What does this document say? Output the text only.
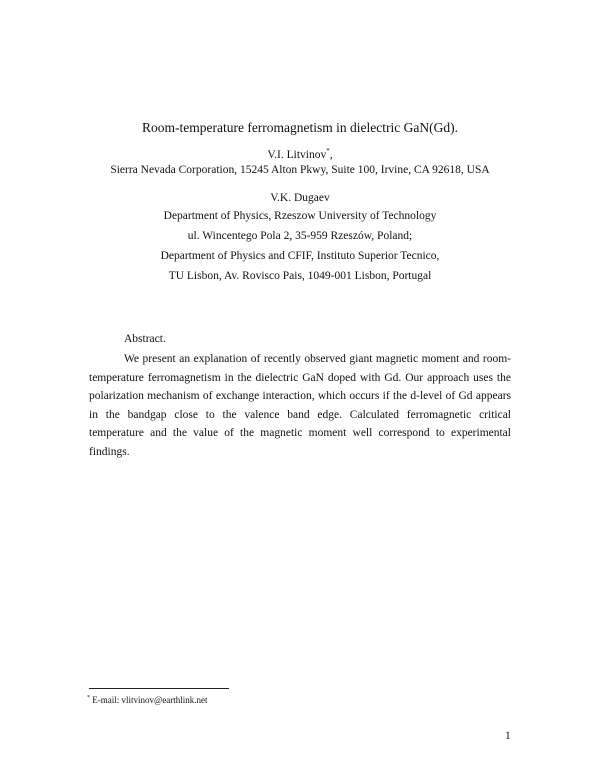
Room-temperature ferromagnetism in dielectric GaN(Gd).
V.I. Litvinov*,
Sierra Nevada Corporation, 15245 Alton Pkwy, Suite 100, Irvine, CA 92618, USA
V.K. Dugaev
Department of Physics, Rzeszow University of Technology
ul. Wincentego Pola 2, 35-959 Rzeszów, Poland;
Department of Physics and CFIF, Instituto Superior Tecnico,
TU Lisbon, Av. Rovisco Pais, 1049-001 Lisbon, Portugal
Abstract.

We present an explanation of recently observed giant magnetic moment and room-temperature ferromagnetism in the dielectric GaN doped with Gd. Our approach uses the polarization mechanism of exchange interaction, which occurs if the d-level of Gd appears in the bandgap close to the valence band edge. Calculated ferromagnetic critical temperature and the value of the magnetic moment well correspond to experimental findings.

* E-mail: vlitvinov@earthlink.net
1
